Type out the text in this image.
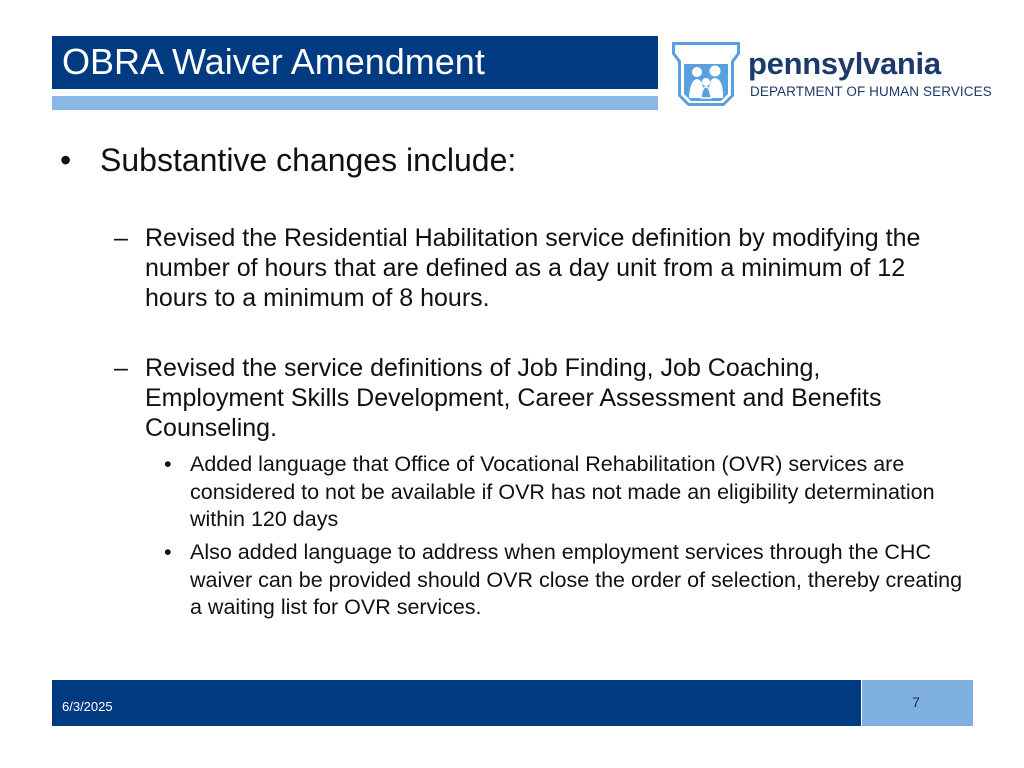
OBRA Waiver Amendment	pennsylvania
DEPARTMENT OF HUMAN SERVICES
• Substantive changes include:
– Revised the Residential Habilitation service definition by modifying the number of hours that are defined as a day unit from a minimum of 12 hours to a minimum of 8 hours.
– Revised the service definitions of Job Finding, Job Coaching, Employment Skills Development, Career Assessment and Benefits Counseling.
• Added language that Office of Vocational Rehabilitation (OVR) services are considered to not be available if OVR has not made an eligibility determination within 120 days
• Also added language to address when employment services through the CHC waiver can be provided should OVR close the order of selection, thereby creating a waiting list for OVR services.
6/3/2025	7
